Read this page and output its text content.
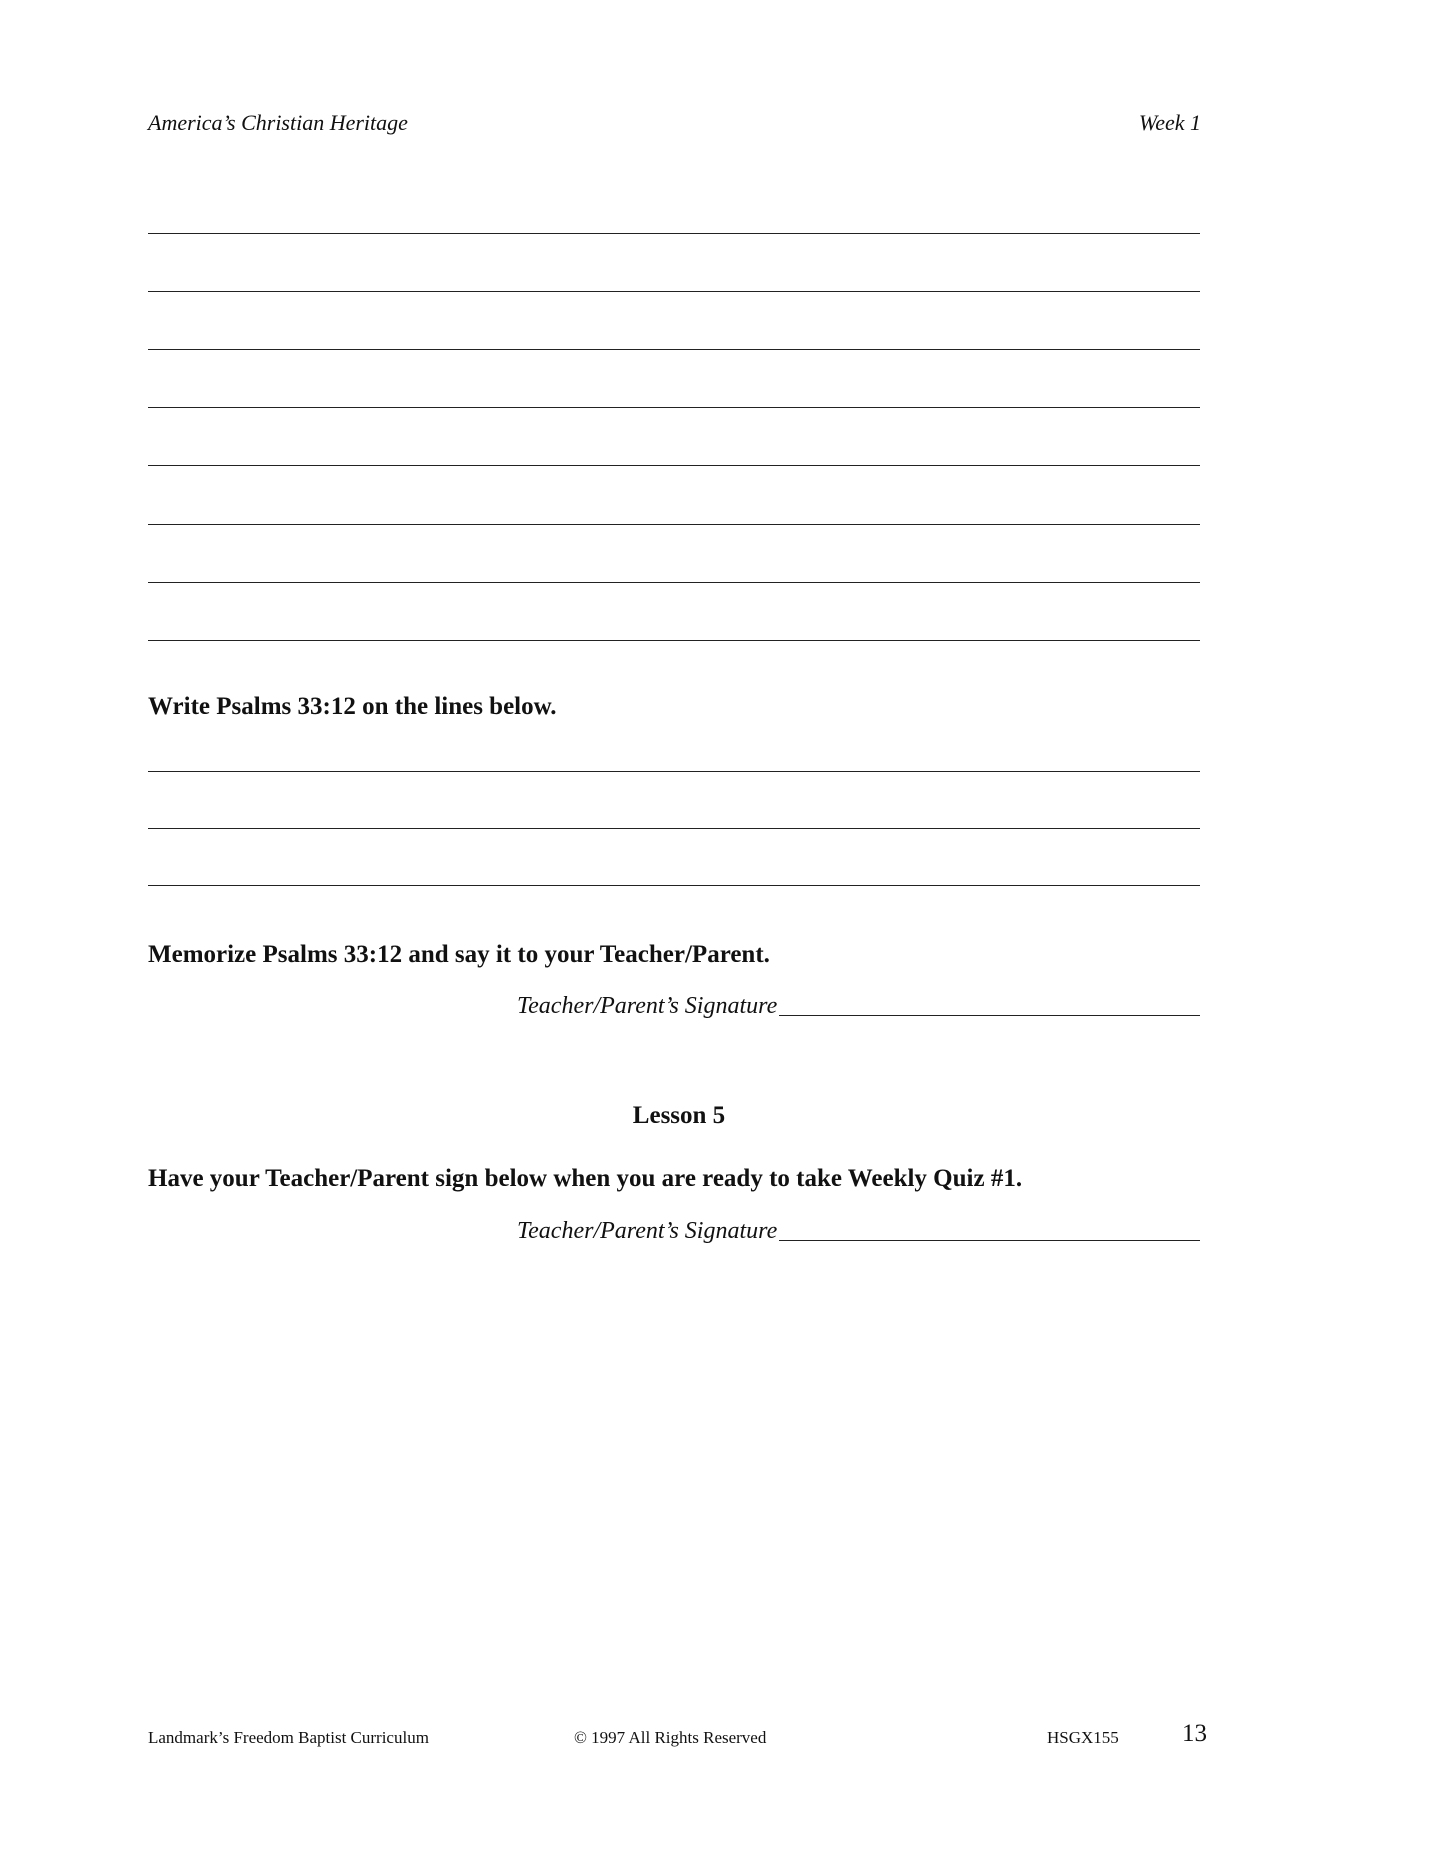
America’s Christian Heritage	Week 1
Write Psalms 33:12 on the lines below.
Memorize Psalms 33:12 and say it to your Teacher/Parent.
Teacher/Parent’s Signature
Lesson 5
Have your Teacher/Parent sign below when you are ready to take Weekly Quiz #1.
Teacher/Parent’s Signature
Landmark’s Freedom Baptist Curriculum	© 1997 All Rights Reserved	HSGX155	13
